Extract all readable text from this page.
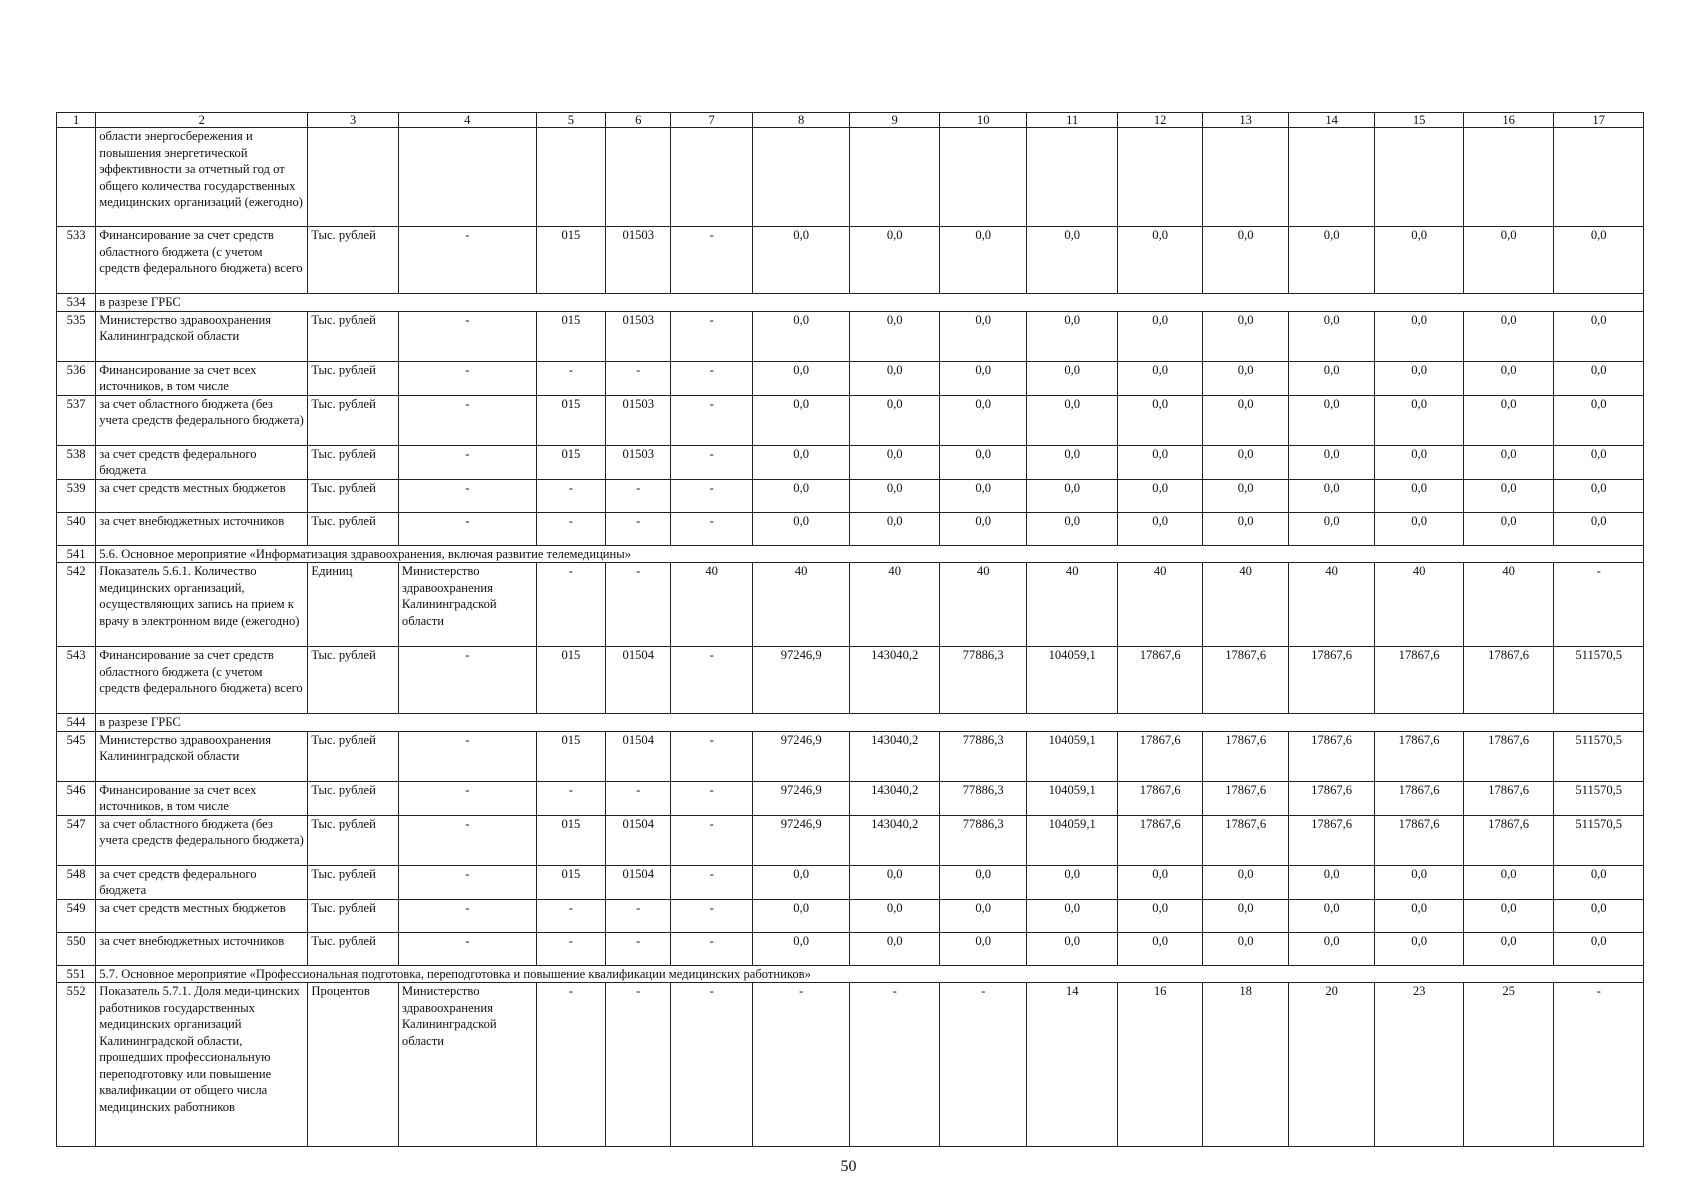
1	2	3	4	5	6	7	8	9	10	11	12	13	14	15	16	17
	области энергосбережения и повышения энергетической эффективности за отчетный год от общего количества государственных медицинских организаций (ежегодно)															
533	Финансирование за счет средств областного бюджета (с учетом средств федерального бюджета) всего	Тыс. рублей	-	015	01503	-	0,0	0,0	0,0	0,0	0,0	0,0	0,0	0,0	0,0	0,0
534	в разрезе ГРБС															
535	Министерство здравоохранения Калининградской области	Тыс. рублей	-	015	01503	-	0,0	0,0	0,0	0,0	0,0	0,0	0,0	0,0	0,0	0,0
536	Финансирование за счет всех источников, в том числе	Тыс. рублей	-	-	-	-	0,0	0,0	0,0	0,0	0,0	0,0	0,0	0,0	0,0	0,0
537	за счет областного бюджета (без учета средств федерального бюджета)	Тыс. рублей	-	015	01503	-	0,0	0,0	0,0	0,0	0,0	0,0	0,0	0,0	0,0	0,0
538	за счет средств федерального бюджета	Тыс. рублей	-	015	01503	-	0,0	0,0	0,0	0,0	0,0	0,0	0,0	0,0	0,0	0,0
539	за счет средств местных бюджетов	Тыс. рублей	-	-	-	-	0,0	0,0	0,0	0,0	0,0	0,0	0,0	0,0	0,0	0,0
540	за счет внебюджетных источников	Тыс. рублей	-	-	-	-	0,0	0,0	0,0	0,0	0,0	0,0	0,0	0,0	0,0	0,0
541	5.6. Основное мероприятие «Информатизация здравоохранения, включая развитие телемедицины»															
542	Показатель 5.6.1. Количество медицинских организаций, осуществляющих запись на прием к врачу в электронном виде (ежегодно)	Единиц	Министерство здравоохранения Калининградской области	-	-	40	40	40	40	40	40	40	40	40	40	-
543	Финансирование за счет средств областного бюджета (с учетом средств федерального бюджета) всего	Тыс. рублей	-	015	01504	-	97246,9	143040,2	77886,3	104059,1	17867,6	17867,6	17867,6	17867,6	17867,6	511570,5
544	в разрезе ГРБС															
545	Министерство здравоохранения Калининградской области	Тыс. рублей	-	015	01504	-	97246,9	143040,2	77886,3	104059,1	17867,6	17867,6	17867,6	17867,6	17867,6	511570,5
546	Финансирование за счет всех источников, в том числе	Тыс. рублей	-	-	-	-	97246,9	143040,2	77886,3	104059,1	17867,6	17867,6	17867,6	17867,6	17867,6	511570,5
547	за счет областного бюджета (без учета средств федерального бюджета)	Тыс. рублей	-	015	01504	-	97246,9	143040,2	77886,3	104059,1	17867,6	17867,6	17867,6	17867,6	17867,6	511570,5
548	за счет средств федерального бюджета	Тыс. рублей	-	015	01504	-	0,0	0,0	0,0	0,0	0,0	0,0	0,0	0,0	0,0	0,0
549	за счет средств местных бюджетов	Тыс. рублей	-	-	-	-	0,0	0,0	0,0	0,0	0,0	0,0	0,0	0,0	0,0	0,0
550	за счет внебюджетных источников	Тыс. рублей	-	-	-	-	0,0	0,0	0,0	0,0	0,0	0,0	0,0	0,0	0,0	0,0
551	5.7. Основное мероприятие «Профессиональная подготовка, переподготовка и повышение квалификации медицинских работников»															
552	Показатель 5.7.1. Доля меди-цинских работников государственных медицинских организаций Калининградской области, прошедших профессиональную переподготовку или повышение квалификации от общего числа медицинских работников	Процентов	Министерство здравоохранения Калининградской области	-	-	-	-	-	-	14	16	18	20	23	25	-
50
